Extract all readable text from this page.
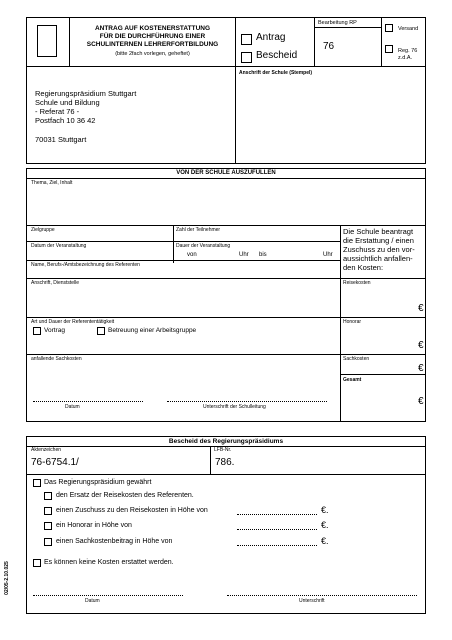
ANTRAG AUF KOSTENERSTATTUNG
FÜR DIE DURCHFÜHRUNG EINER
SCHULINTERNEN LEHRERFORTBILDUNG
(bitte 2fach vorlegen, geheftet)
Antrag
Bescheid
Bearbeitung RP
76
Versand
Reg. 76
z.d.A.
Regierungspräsidium Stuttgart
Schule und Bildung
- Referat 76 -
Postfach 10 36 42
70031 Stuttgart
Anschrift der Schule (Stempel)
VON DER SCHULE AUSZUFÜLLEN
Thema, Ziel, Inhalt
Zielgruppe	Zahl der Teilnehmer
Datum der Veranstaltung	Dauer der Veranstaltung
von	Uhr bis	Uhr
Name, Berufs-/Amtsbezeichnung des Referenten
Anschrift, Dienststelle
Art und Dauer der Referententätigkeit
Vortrag	Betreuung einer Arbeitsgruppe
anfallende Sachkosten
Datum	Unterschrift der Schulleitung
Die Schule beantragt die Erstattung / einen Zuschuss zu den vor-aussichtlich anfallen-den Kosten:
Reisekosten
€
Honorar
€
Sachkosten
€
Gesamt
€
Bescheid des Regierungspräsidiums
Aktenzeichen
76-6754.1/
LFB-Nr.
786.
Das Regierungspräsidium gewährt
den Ersatz der Reisekosten des Referenten.
einen Zuschuss zu den Reisekosten in Höhe von	€.
ein Honorar in Höhe von	€.
einen Sachkostenbeitrag in Höhe von	€.
Es können keine Kosten erstattet werden.
Datum	Unterschrift
02/05-2.10.025
